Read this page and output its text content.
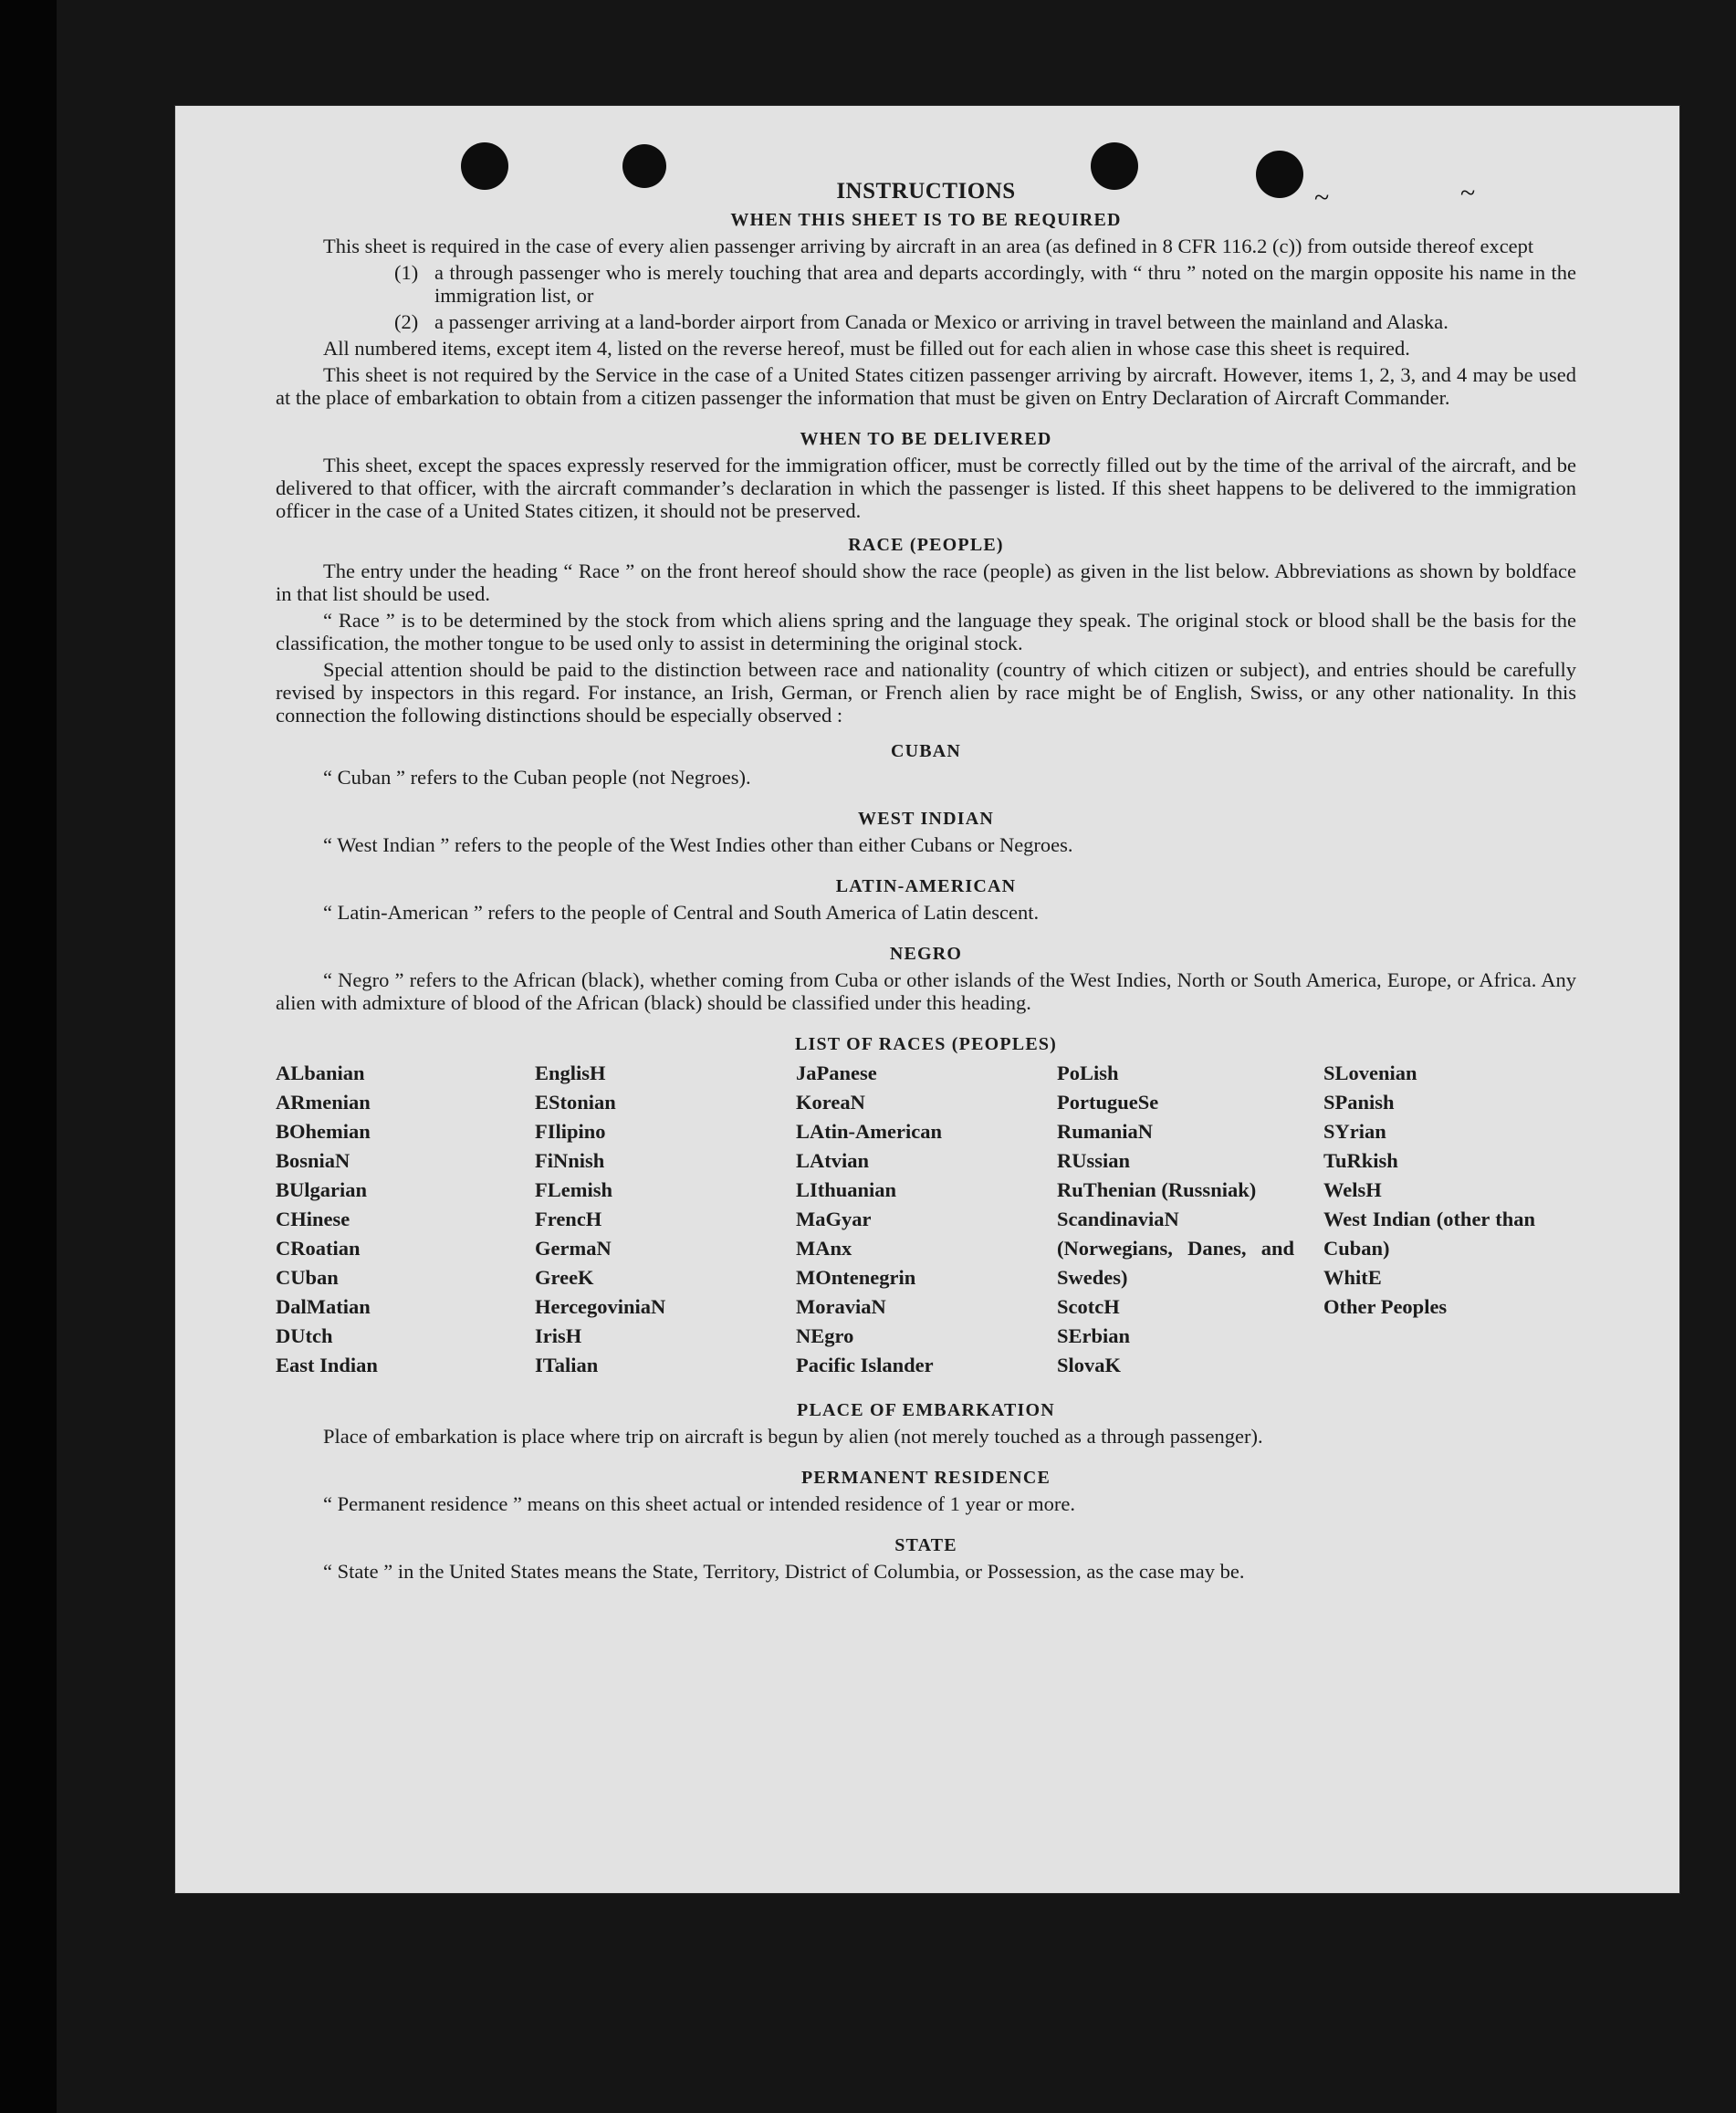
~	~
INSTRUCTIONS
WHEN THIS SHEET IS TO BE REQUIRED

This sheet is required in the case of every alien passenger arriving by aircraft in an area (as defined in 8 CFR 116.2 (c)) from outside thereof except

(1) a through passenger who is merely touching that area and departs accordingly, with “ thru ” noted on the margin opposite his name in the immigration list, or
(2) a passenger arriving at a land-border airport from Canada or Mexico or arriving in travel between the mainland and Alaska.

All numbered items, except item 4, listed on the reverse hereof, must be filled out for each alien in whose case this sheet is required.

This sheet is not required by the Service in the case of a United States citizen passenger arriving by aircraft. However, items 1, 2, 3, and 4 may be used at the place of embarkation to obtain from a citizen passenger the information that must be given on Entry Declaration of Aircraft Commander.

WHEN TO BE DELIVERED

This sheet, except the spaces expressly reserved for the immigration officer, must be correctly filled out by the time of the arrival of the aircraft, and be delivered to that officer, with the aircraft commander’s declaration in which the passenger is listed. If this sheet happens to be delivered to the immigration officer in the case of a United States citizen, it should not be preserved.

RACE (PEOPLE)

The entry under the heading “ Race ” on the front hereof should show the race (people) as given in the list below. Abbreviations as shown by boldface in that list should be used.

“ Race ” is to be determined by the stock from which aliens spring and the language they speak. The original stock or blood shall be the basis for the classification, the mother tongue to be used only to assist in determining the original stock.

Special attention should be paid to the distinction between race and nationality (country of which citizen or subject), and entries should be carefully revised by inspectors in this regard. For instance, an Irish, German, or French alien by race might be of English, Swiss, or any other nationality. In this connection the following distinctions should be especially observed :

CUBAN

“ Cuban ” refers to the Cuban people (not Negroes).

WEST INDIAN

“ West Indian ” refers to the people of the West Indies other than either Cubans or Negroes.

LATIN-AMERICAN

“ Latin-American ” refers to the people of Central and South America of Latin descent.

NEGRO

“ Negro ” refers to the African (black), whether coming from Cuba or other islands of the West Indies, North or South America, Europe, or Africa. Any alien with admixture of blood of the African (black) should be classified under this heading.

LIST OF RACES (PEOPLES)
ALbanian
ARmenian
BOhemian
BosniaN
BUlgarian
CHinese
CRoatian
CUban
DalMatian
DUtch
East Indian
EnglisH
EStonian
FIlipino
FiNnish
FLemish
FrencH
GermaN
GreeK
HercegoviniaN
IrisH
ITalian
JaPanese
KoreaN
LAtin-American
LAtvian
LIthuanian
MaGyar
MAnx
MOntenegrin
MoraviaN
NEgro
Pacific Islander
PoLish
PortugueSe
RumaniaN
RUssian
RuThenian (Russniak)
ScandinaviaN (Norwegians, Danes, and Swedes)
ScotcH
SErbian
SlovaK
SLovenian
SPanish
SYrian
TuRkish
WelsH
West Indian (other than Cuban)
WhitE
Other Peoples
PLACE OF EMBARKATION

Place of embarkation is place where trip on aircraft is begun by alien (not merely touched as a through passenger).

PERMANENT RESIDENCE

“ Permanent residence ” means on this sheet actual or intended residence of 1 year or more.

STATE

“ State ” in the United States means the State, Territory, District of Columbia, or Possession, as the case may be.
